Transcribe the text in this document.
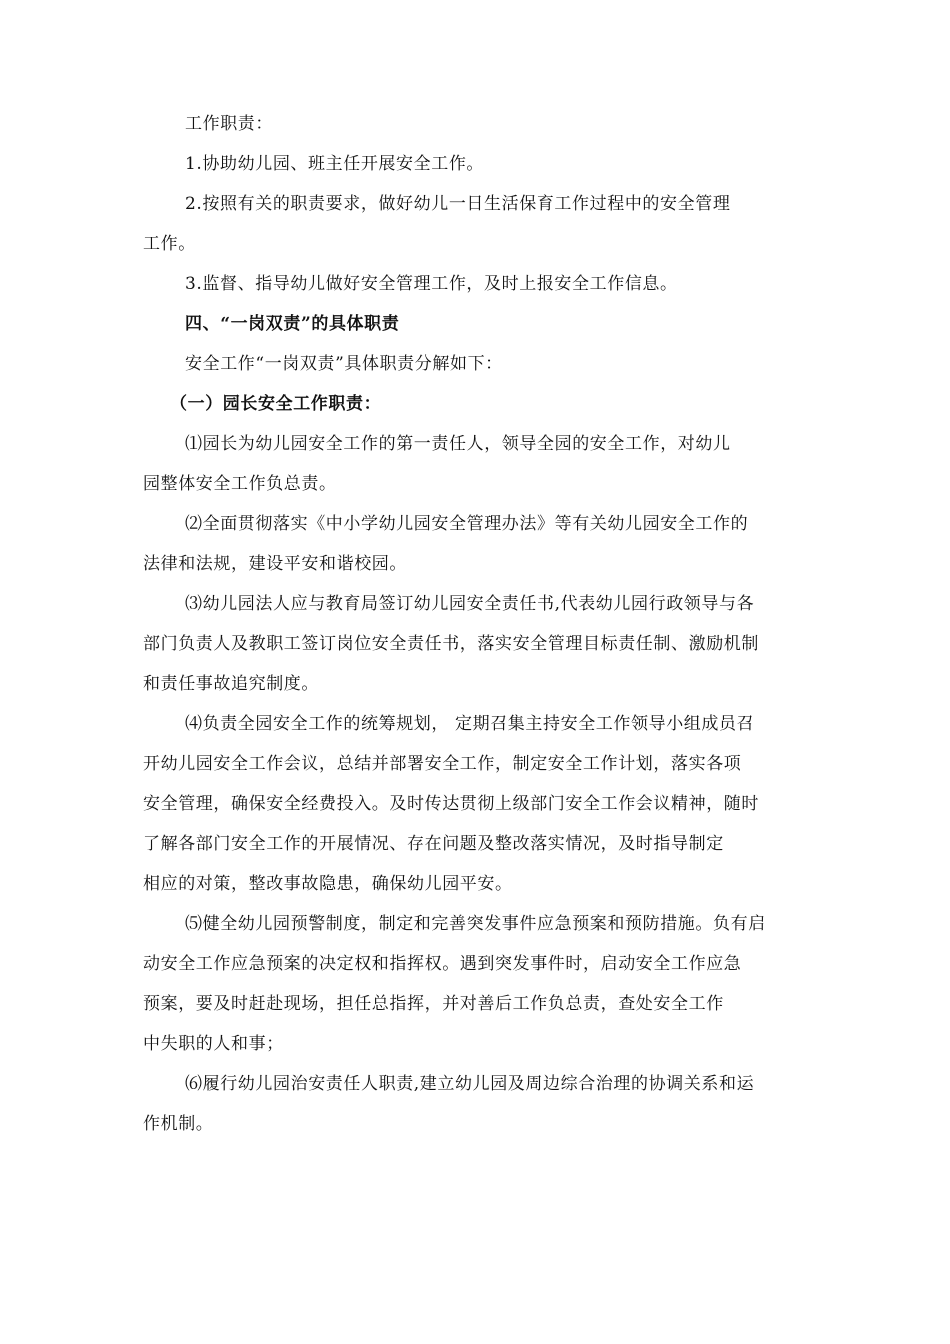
工作职责：
1.协助幼儿园、班主任开展安全工作。
2.按照有关的职责要求，做好幼儿一日生活保育工作过程中的安全管理
工作。
3.监督、指导幼儿做好安全管理工作，及时上报安全工作信息。
四、“一岗双责”的具体职责
安全工作“一岗双责”具体职责分解如下：
（一）园长安全工作职责：
⑴园长为幼儿园安全工作的第一责任人，领导全园的安全工作，对幼儿
园整体安全工作负总责。
⑵全面贯彻落实《中小学幼儿园安全管理办法》等有关幼儿园安全工作的
法律和法规，建设平安和谐校园。
⑶幼儿园法人应与教育局签订幼儿园安全责任书,代表幼儿园行政领导与各
部门负责人及教职工签订岗位安全责任书，落实安全管理目标责任制、激励机制
和责任事故追究制度。
⑷负责全园安全工作的统筹规划， 定期召集主持安全工作领导小组成员召
开幼儿园安全工作会议，总结并部署安全工作，制定安全工作计划，落实各项
安全管理，确保安全经费投入。及时传达贯彻上级部门安全工作会议精神，随时
了解各部门安全工作的开展情况、存在问题及整改落实情况，及时指导制定
相应的对策，整改事故隐患，确保幼儿园平安。
⑸健全幼儿园预警制度，制定和完善突发事件应急预案和预防措施。负有启
动安全工作应急预案的决定权和指挥权。遇到突发事件时，启动安全工作应急
预案，要及时赶赴现场，担任总指挥，并对善后工作负总责，查处安全工作
中失职的人和事；
⑹履行幼儿园治安责任人职责,建立幼儿园及周边综合治理的协调关系和运
作机制。
